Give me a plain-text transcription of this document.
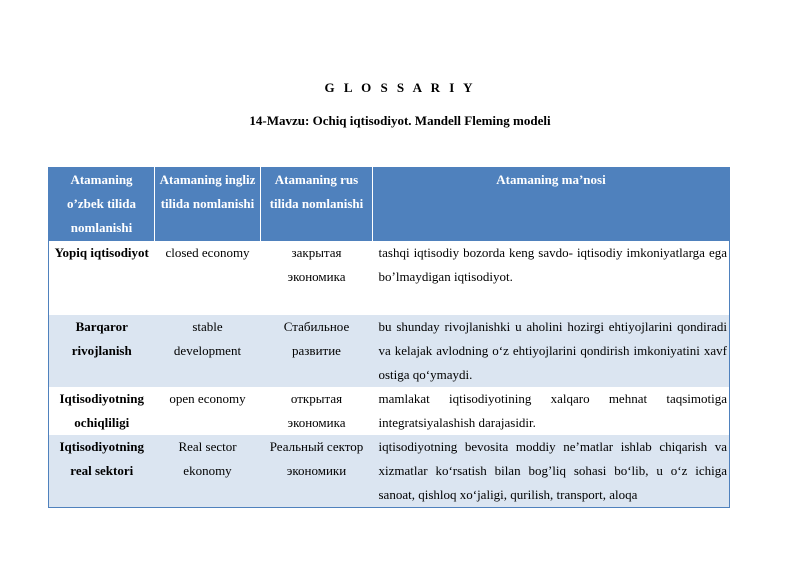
G L O S S A R I Y
14-Mavzu: Ochiq iqtisodiyot. Mandell Fleming modeli
Atamaning o’zbek tilida nomlanishi	Atamaning ingliz tilida nomlanishi	Atamaning rus tilida nomlanishi	Atamaning ma’nosi
Yopiq iqtisodiyot	closed economy	закрытая экономика	tashqi iqtisodiy bozorda keng savdo- iqtisodiy imkoniyatlarga ega bo’lmaydigan iqtisodiyot.
Barqaror rivojlanish	stable development	Стабильное развитие	bu shunday rivojlanishki u aholini hozirgi ehtiyojlarini qondiradi va kelajak avlodning o‘z ehtiyojlarini qondirish imkoniyatini xavf ostiga qo‘ymaydi.
Iqtisodiyotning ochiqliligi	open economy	открытая экономика	mamlakat iqtisodiyotining xalqaro mehnat taqsimotiga integratsiyalashish darajasidir.
Iqtisodiyotning real sektori	Real sector ekonomy	Реальный сектор экономики	iqtisodiyotning bevosita moddiy ne’matlar ishlab chiqarish va xizmatlar ko‘rsatish bilan bog’liq sohasi bo‘lib, u o‘z ichiga sanoat, qishloq xo‘jaligi, qurilish, transport, aloqa
